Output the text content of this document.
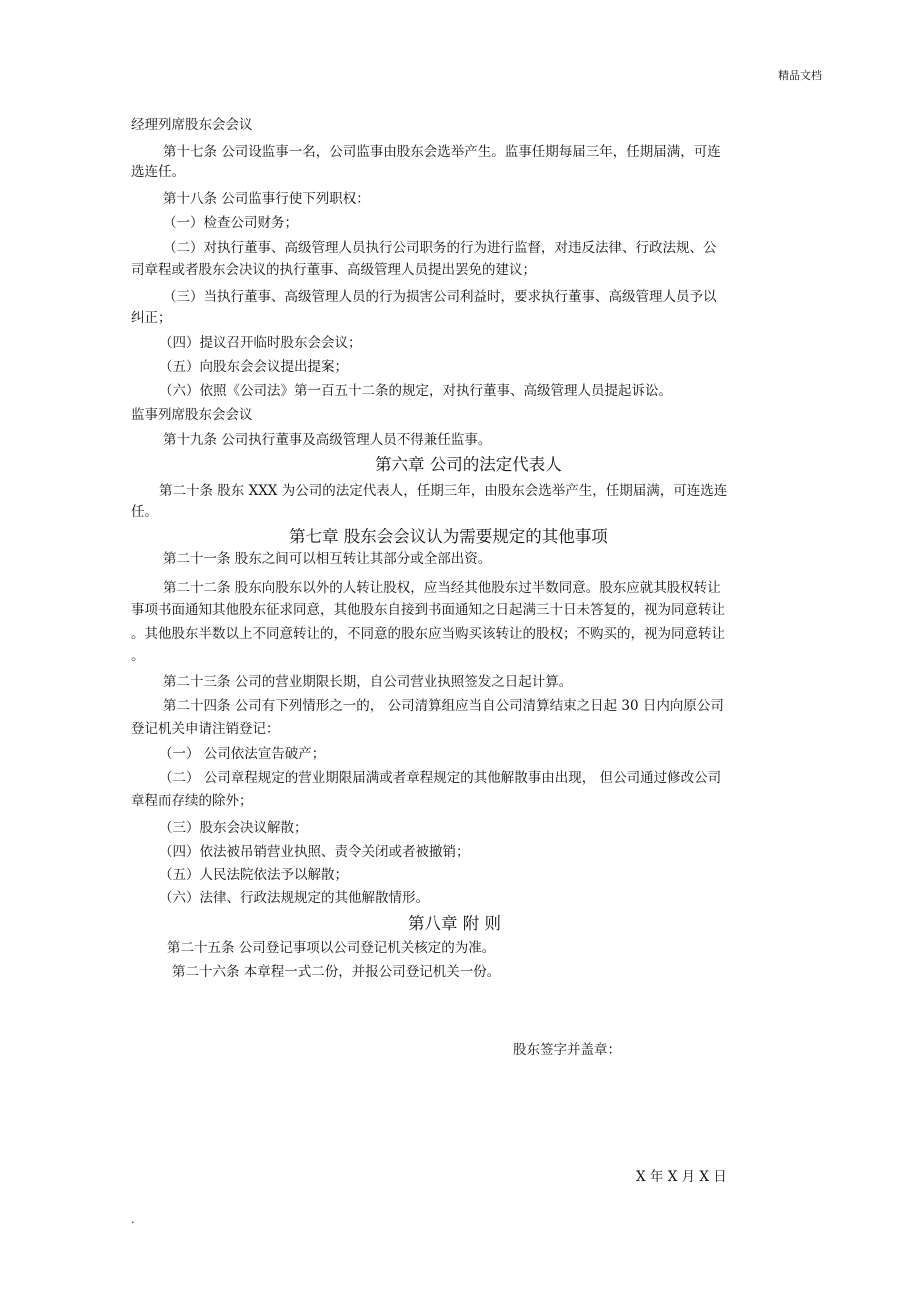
精品文档
经理列席股东会会议
第十七条 公司设监事一名，公司监事由股东会选举产生。监事任期每届三年，任期届满，可连
选连任。
第十八条 公司监事行使下列职权：
（一）检查公司财务；
（二）对执行董事、高级管理人员执行公司职务的行为进行监督，对违反法律、行政法规、公
司章程或者股东会决议的执行董事、高级管理人员提出罢免的建议；
（三）当执行董事、高级管理人员的行为损害公司利益时，要求执行董事、高级管理人员予以
纠正；
（四）提议召开临时股东会会议；
（五）向股东会会议提出提案；
（六）依照《公司法》第一百五十二条的规定，对执行董事、高级管理人员提起诉讼。
监事列席股东会会议
第十九条 公司执行董事及高级管理人员不得兼任监事。
第六章 公司的法定代表人
第二十条 股东 XXX 为公司的法定代表人，任期三年，由股东会选举产生，任期届满，可连选连
任。
第七章 股东会会议认为需要规定的其他事项
第二十一条 股东之间可以相互转让其部分或全部出资。
第二十二条 股东向股东以外的人转让股权，应当经其他股东过半数同意。股东应就其股权转让
事项书面通知其他股东征求同意，其他股东自接到书面通知之日起满三十日未答复的，视为同意转让
。其他股东半数以上不同意转让的，不同意的股东应当购买该转让的股权；不购买的，视为同意转让
。
第二十三条 公司的营业期限长期，自公司营业执照签发之日起计算。
第二十四条 公司有下列情形之一的， 公司清算组应当自公司清算结束之日起 30 日内向原公司
登记机关申请注销登记：
（一） 公司依法宣告破产；
（二） 公司章程规定的营业期限届满或者章程规定的其他解散事由出现， 但公司通过修改公司
章程而存续的除外；
（三）股东会决议解散；
（四）依法被吊销营业执照、责令关闭或者被撤销；
（五）人民法院依法予以解散；
（六）法律、行政法规规定的其他解散情形。
第八章 附 则
第二十五条 公司登记事项以公司登记机关核定的为准。
第二十六条 本章程一式二份，并报公司登记机关一份。
股东签字并盖章：
X 年 X 月 X 日
.
